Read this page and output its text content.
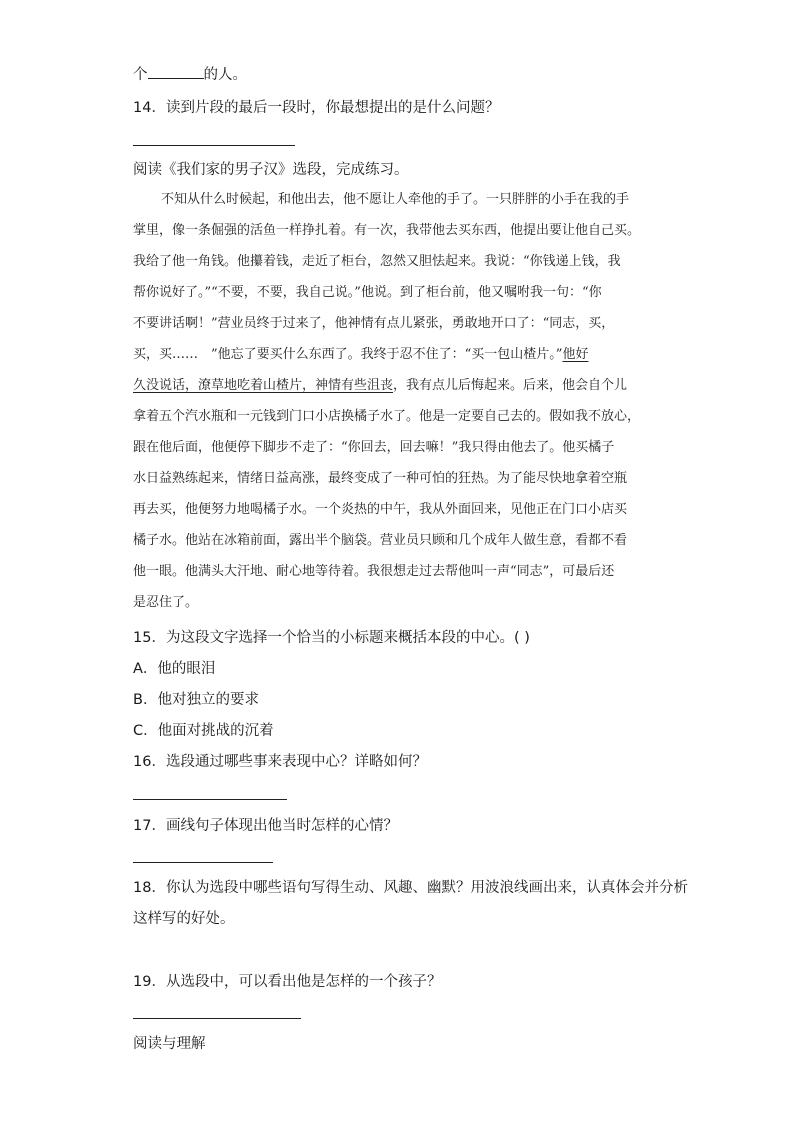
个	的人。
14．读到片段的最后一段时，你最想提出的是什么问题？
阅读《我们家的男子汉》选段，完成练习。
不知从什么时候起，和他出去，他不愿让人牵他的手了。一只胖胖的小手在我的手
掌里，像一条倔强的活鱼一样挣扎着。有一次，我带他去买东西，他提出要让他自己买。
我给了他一角钱。他攥着钱，走近了柜台，忽然又胆怯起来。我说：“你钱递上钱，我
帮你说好了。”“不要，不要，我自己说。”他说。到了柜台前，他又嘱咐我一句：“你
不要讲话啊！”营业员终于过来了，他神情有点儿紧张，勇敢地开口了：“同志，买，
买，买……　”他忘了要买什么东西了。我终于忍不住了：“买一包山楂片。”他好
久没说话，潦草地吃着山楂片，神情有些沮丧，我有点儿后悔起来。后来，他会自个儿
拿着五个汽水瓶和一元钱到门口小店换橘子水了。他是一定要自己去的。假如我不放心，
跟在他后面，他便停下脚步不走了：“你回去，回去嘛！”我只得由他去了。他买橘子
水日益熟练起来，情绪日益高涨，最终变成了一种可怕的狂热。为了能尽快地拿着空瓶
再去买，他便努力地喝橘子水。一个炎热的中午，我从外面回来，见他正在门口小店买
橘子水。他站在冰箱前面，露出半个脑袋。营业员只顾和几个成年人做生意，看都不看
他一眼。他满头大汗地、耐心地等待着。我很想走过去帮他叫一声“同志”，可最后还
是忍住了。
15．为这段文字选择一个恰当的小标题来概括本段的中心。( )
A．他的眼泪
B．他对独立的要求
C．他面对挑战的沉着
16．选段通过哪些事来表现中心？详略如何？
17．画线句子体现出他当时怎样的心情？
18．你认为选段中哪些语句写得生动、风趣、幽默？用波浪线画出来，认真体会并分析
这样写的好处。
19．从选段中，可以看出他是怎样的一个孩子？
阅读与理解
